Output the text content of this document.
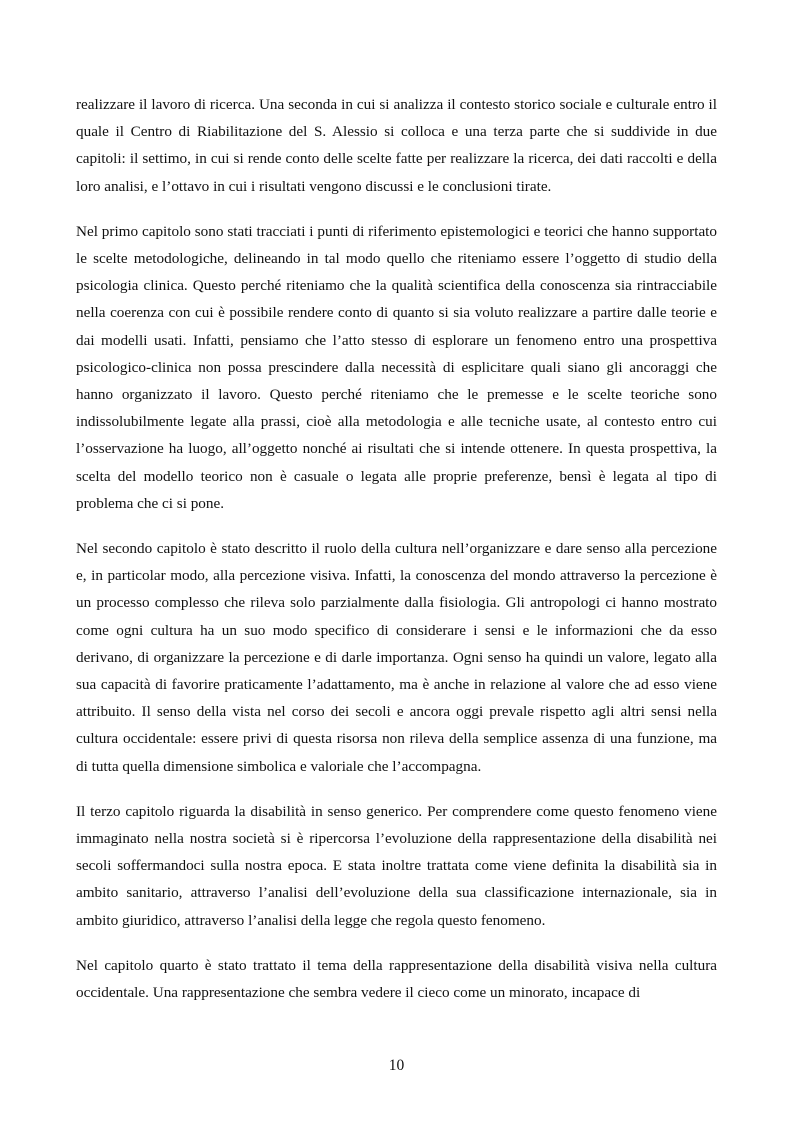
realizzare il lavoro di ricerca. Una seconda in cui si analizza il contesto storico sociale e culturale entro il quale il Centro di Riabilitazione del S. Alessio si colloca e una terza parte che si suddivide in due capitoli: il settimo, in cui si rende conto delle scelte fatte per realizzare la ricerca, dei dati raccolti e della loro analisi, e l’ottavo in cui i risultati vengono discussi e le conclusioni tirate.

Nel primo capitolo sono stati tracciati i punti di riferimento epistemologici e teorici che hanno supportato le scelte metodologiche, delineando in tal modo quello che riteniamo essere l’oggetto di studio della psicologia clinica. Questo perché riteniamo che la qualità scientifica della conoscenza sia rintracciabile nella coerenza con cui è possibile rendere conto di quanto si sia voluto realizzare a partire dalle teorie e dai modelli usati. Infatti, pensiamo che l’atto stesso di esplorare un fenomeno entro una prospettiva psicologico-clinica non possa prescindere dalla necessità di esplicitare quali siano gli ancoraggi che hanno organizzato il lavoro. Questo perché riteniamo che le premesse e le scelte teoriche sono indissolubilmente legate alla prassi, cioè alla metodologia e alle tecniche usate, al contesto entro cui l’osservazione ha luogo, all’oggetto nonché ai risultati che si intende ottenere. In questa prospettiva, la scelta del modello teorico non è casuale o legata alle proprie preferenze, bensì è legata al tipo di problema che ci si pone.

Nel secondo capitolo è stato descritto il ruolo della cultura nell’organizzare e dare senso alla percezione e, in particolar modo, alla percezione visiva. Infatti, la conoscenza del mondo attraverso la percezione è un processo complesso che rileva solo parzialmente dalla fisiologia. Gli antropologi ci hanno mostrato come ogni cultura ha un suo modo specifico di considerare i sensi e le informazioni che da esso derivano, di organizzare la percezione e di darle importanza. Ogni senso ha quindi un valore, legato alla sua capacità di favorire praticamente l’adattamento, ma è anche in relazione al valore che ad esso viene attribuito. Il senso della vista nel corso dei secoli e ancora oggi prevale rispetto agli altri sensi nella cultura occidentale: essere privi di questa risorsa non rileva della semplice assenza di una funzione, ma di tutta quella dimensione simbolica e valoriale che l’accompagna.

Il terzo capitolo riguarda la disabilità in senso generico. Per comprendere come questo fenomeno viene immaginato nella nostra società si è ripercorsa l’evoluzione della rappresentazione della disabilità nei secoli soffermandoci sulla nostra epoca. E stata inoltre trattata come viene definita la disabilità sia in ambito sanitario, attraverso l’analisi dell’evoluzione della sua classificazione internazionale, sia in ambito giuridico, attraverso l’analisi della legge che regola questo fenomeno.

Nel capitolo quarto è stato trattato il tema della rappresentazione della disabilità visiva nella cultura occidentale. Una rappresentazione che sembra vedere il cieco come un minorato, incapace di

10
